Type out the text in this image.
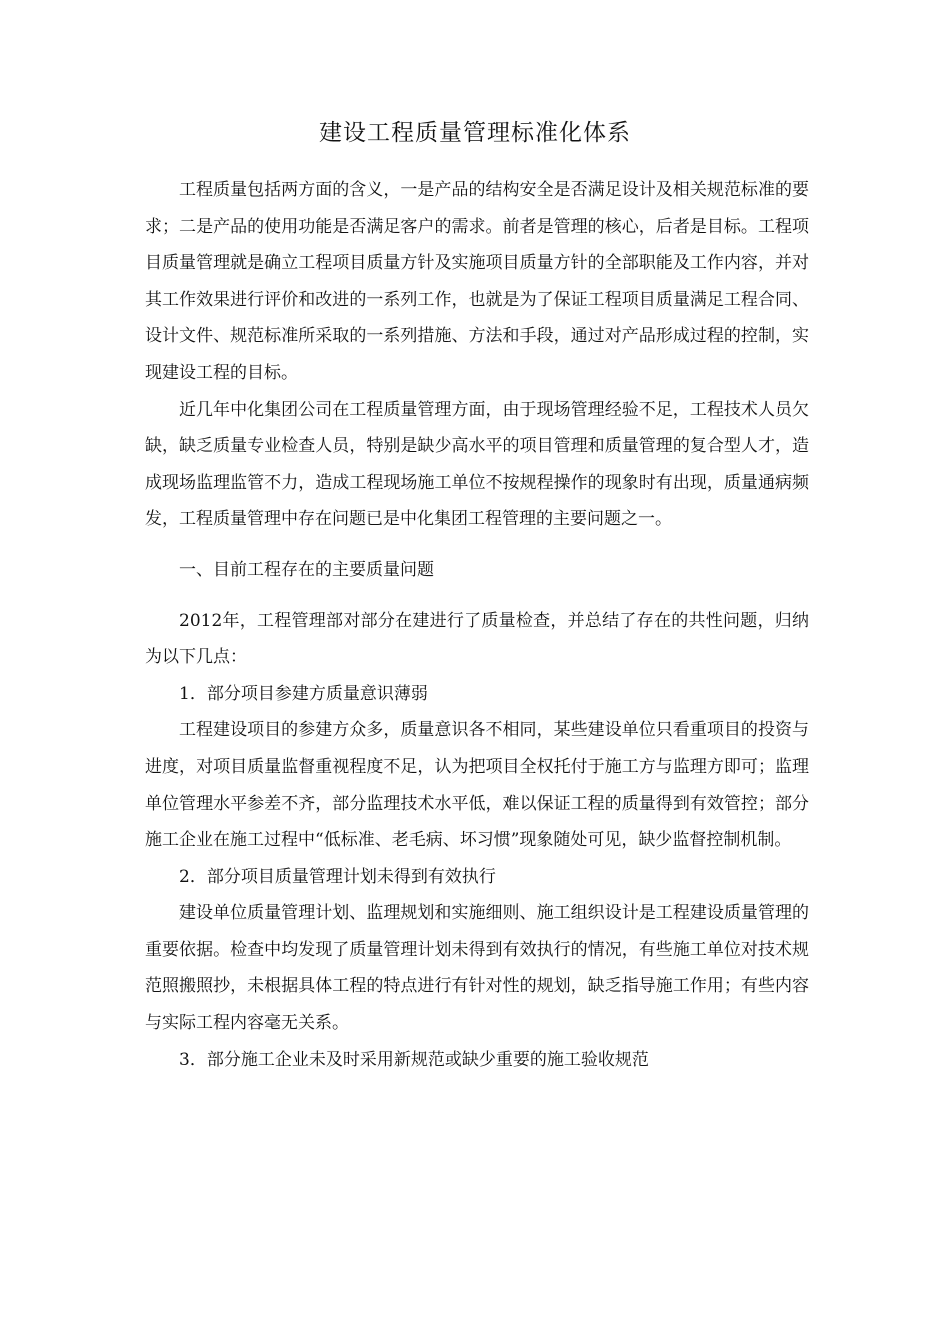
建设工程质量管理标准化体系

工程质量包括两方面的含义，一是产品的结构安全是否满足设计及相关规范标准的要求；二是产品的使用功能是否满足客户的需求。前者是管理的核心，后者是目标。工程项目质量管理就是确立工程项目质量方针及实施项目质量方针的全部职能及工作内容，并对其工作效果进行评价和改进的一系列工作，也就是为了保证工程项目质量满足工程合同、设计文件、规范标准所采取的一系列措施、方法和手段，通过对产品形成过程的控制，实现建设工程的目标。

近几年中化集团公司在工程质量管理方面，由于现场管理经验不足，工程技术人员欠缺，缺乏质量专业检查人员，特别是缺少高水平的项目管理和质量管理的复合型人才，造成现场监理监管不力，造成工程现场施工单位不按规程操作的现象时有出现，质量通病频发，工程质量管理中存在问题已是中化集团工程管理的主要问题之一。

一、目前工程存在的主要质量问题

2012年，工程管理部对部分在建进行了质量检查，并总结了存在的共性问题，归纳为以下几点：

1．部分项目参建方质量意识薄弱

工程建设项目的参建方众多，质量意识各不相同，某些建设单位只看重项目的投资与进度，对项目质量监督重视程度不足，认为把项目全权托付于施工方与监理方即可；监理单位管理水平参差不齐，部分监理技术水平低，难以保证工程的质量得到有效管控；部分施工企业在施工过程中“低标准、老毛病、坏习惯”现象随处可见，缺少监督控制机制。

2．部分项目质量管理计划未得到有效执行

建设单位质量管理计划、监理规划和实施细则、施工组织设计是工程建设质量管理的重要依据。检查中均发现了质量管理计划未得到有效执行的情况，有些施工单位对技术规范照搬照抄，未根据具体工程的特点进行有针对性的规划，缺乏指导施工作用；有些内容与实际工程内容毫无关系。

3．部分施工企业未及时采用新规范或缺少重要的施工验收规范
